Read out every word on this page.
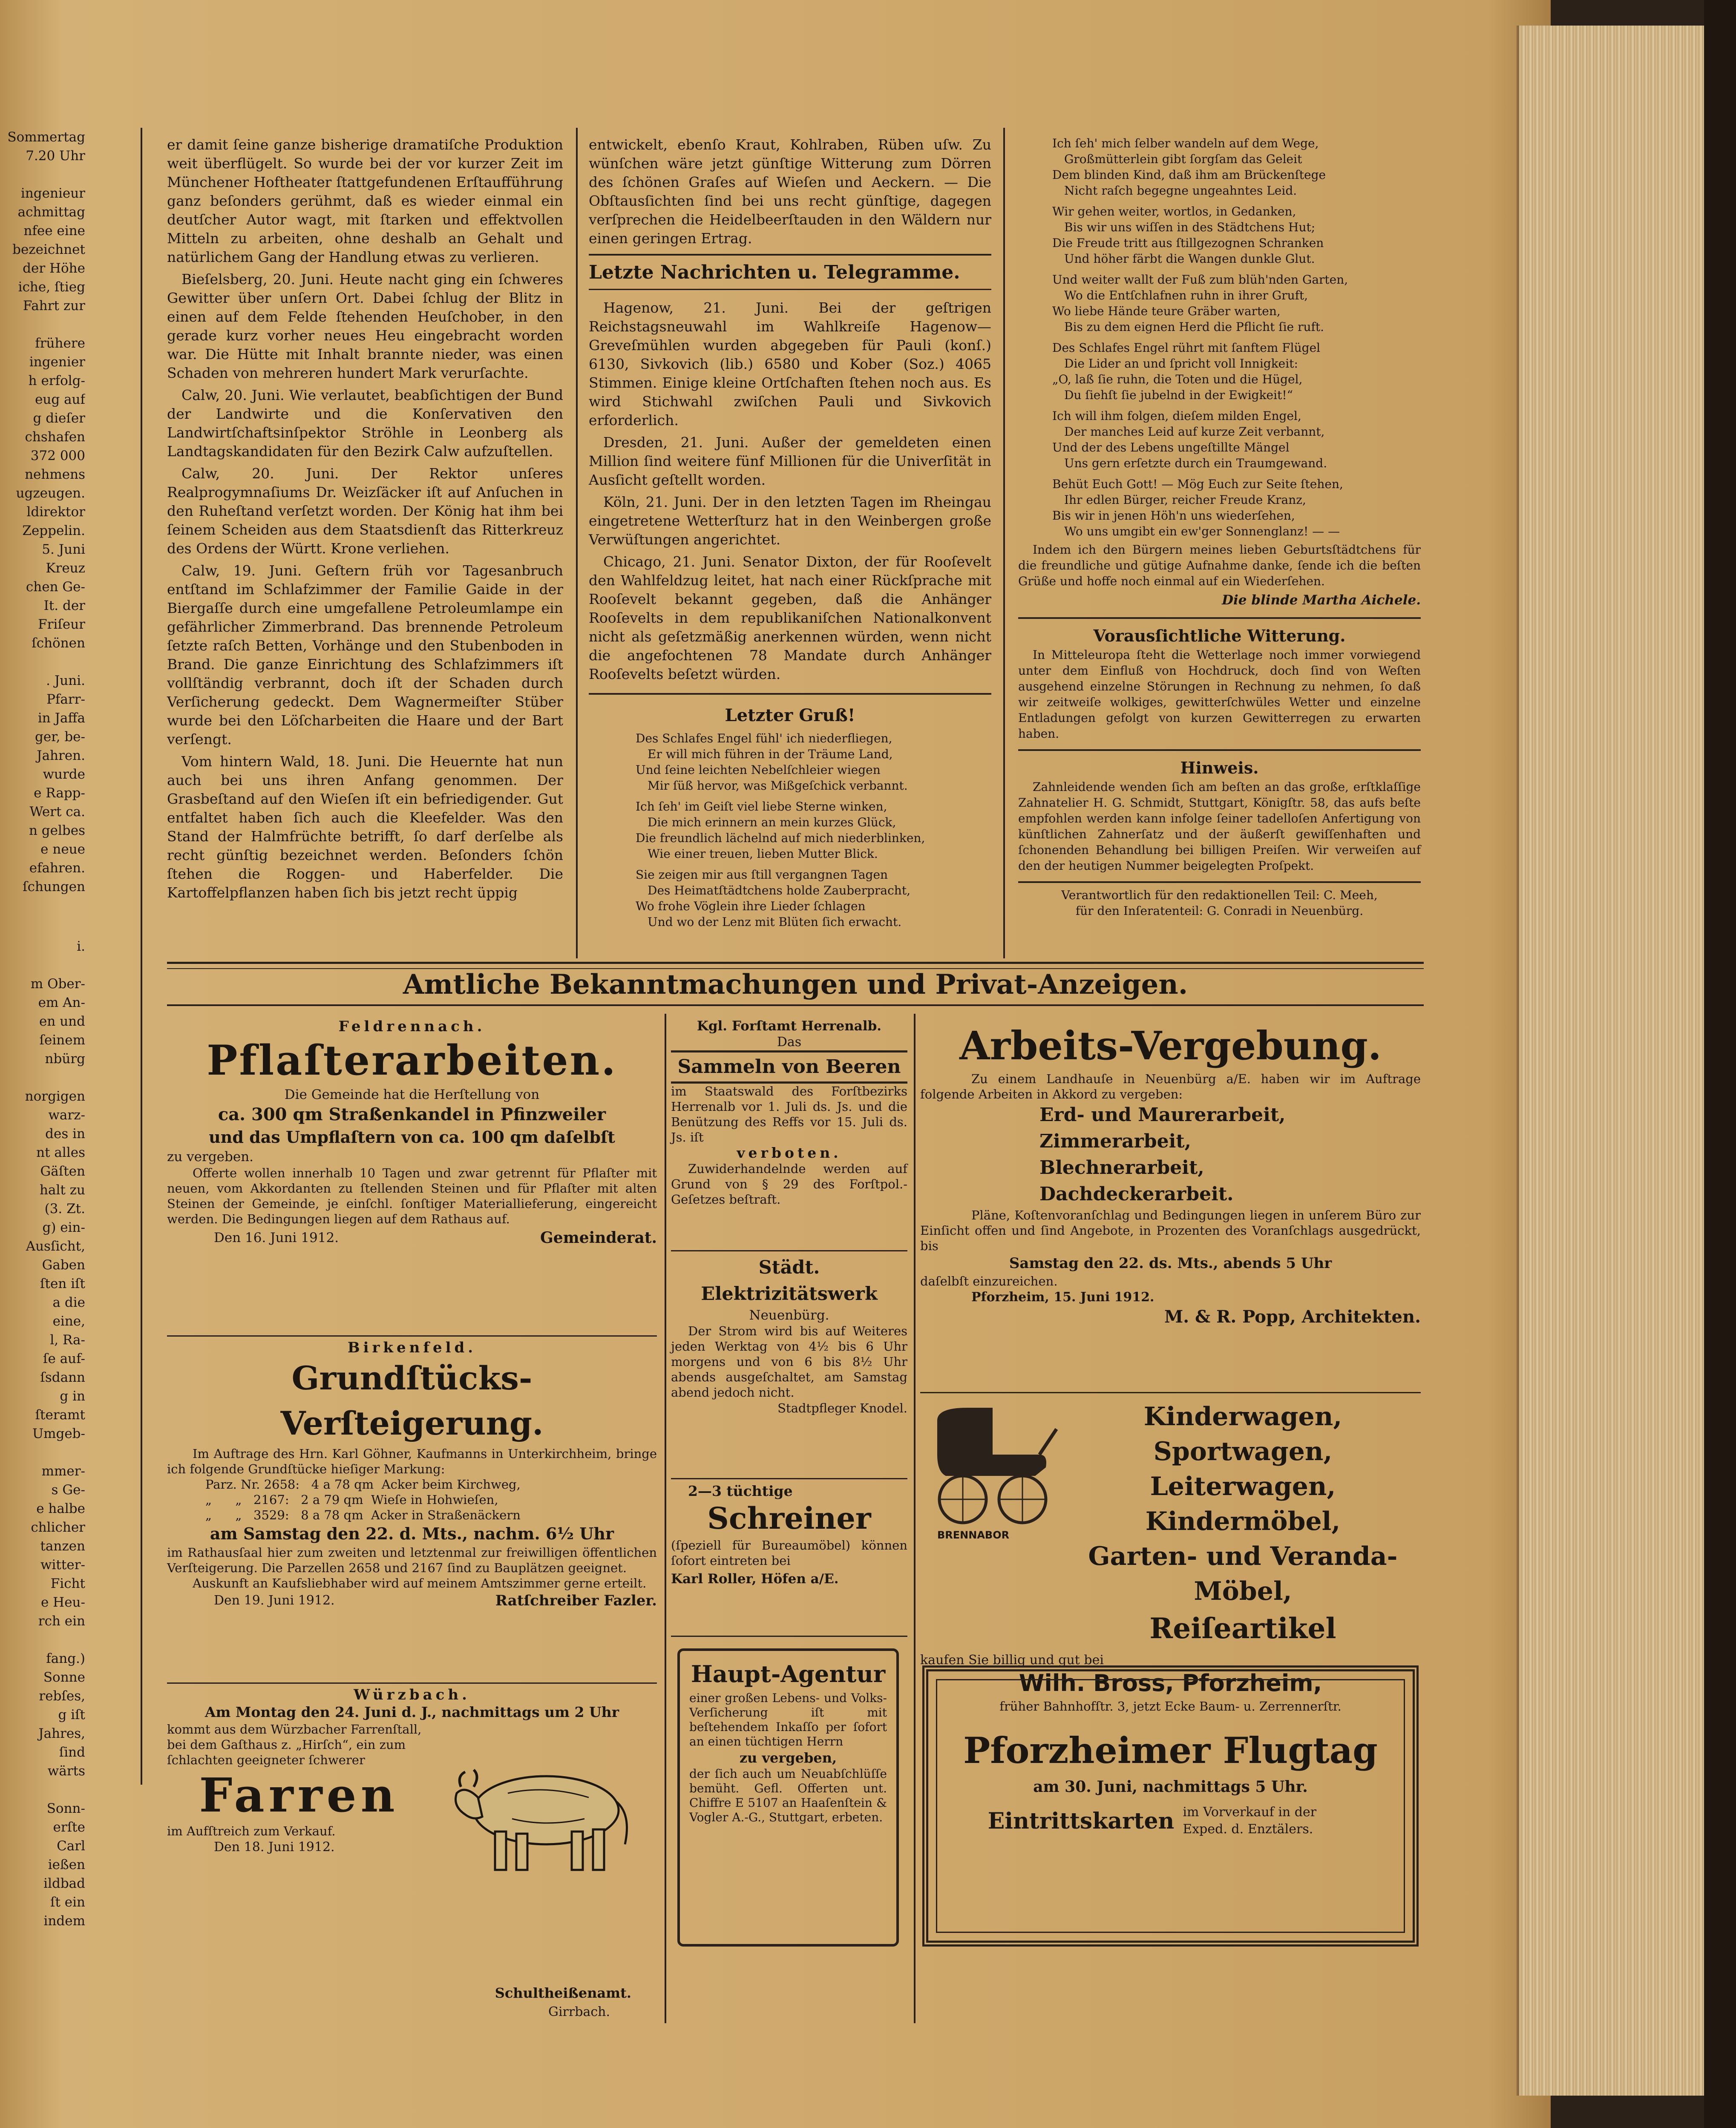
Sommertag
7.20 Uhr
ingenieur
achmittag
nfee eine
bezeichnet
der Höhe
iche, ſtieg
Fahrt zur
frühere
ingenier
h erfolg-
eug auf
g dieſer
chshafen
372 000
nehmens
ugzeugen.
ldirektor
Zeppelin.
5. Juni
Kreuz
chen Ge-
It. der
Friſeur
ſchönen
. Juni.
Pfarr-
in Jaffa
ger, be-
Jahren.
wurde
e Rapp-
Wert ca.
n gelbes
e neue
efahren.
ſchungen
i.
m Ober-
em An-
en und
ſeinem
nbürg
norgigen
warz-
des in
nt alles
Gäſten
halt zu
(3. Zt.
g) ein-
Ausſicht,
Gaben
ſten iſt
a die
eine,
l, Ra-
ſe auf-
ſsdann
g in
ſteramt
Umgeb-
mmer-
s Ge-
e halbe
chlicher
tanzen
witter-
Ficht
e Heu-
rch ein
fang.)
Sonne
rebſes,
g iſt
Jahres,
ſind
wärts
Sonn-
erſte
Carl
ießen
ildbad
ſt ein
indem

er damit ſeine ganze bisherige dramatiſche Produktion weit überflügelt. So wurde bei der vor kurzer Zeit im Münchener Hoftheater ſtattgefundenen Erſtaufführung ganz beſonders gerühmt, daß es wieder einmal ein deutſcher Autor wagt, mit ſtarken und effektvollen Mitteln zu arbeiten, ohne deshalb an Gehalt und natürlichem Gang der Handlung etwas zu verlieren.

Bieſelsberg, 20. Juni. Heute nacht ging ein ſchweres Gewitter über unſern Ort. Dabei ſchlug der Blitz in einen auf dem Felde ſtehenden Heuſchober, in den gerade kurz vorher neues Heu eingebracht worden war. Die Hütte mit Inhalt brannte nieder, was einen Schaden von mehreren hundert Mark verurſachte.

Calw, 20. Juni. Wie verlautet, beabſichtigen der Bund der Landwirte und die Konſervativen den Landwirtſchaftsinſpektor Ströhle in Leonberg als Landtagskandidaten für den Bezirk Calw aufzuſtellen.

Calw, 20. Juni. Der Rektor unſeres Realprogymnaſiums Dr. Weizſäcker iſt auf Anſuchen in den Ruheſtand verſetzt worden. Der König hat ihm bei ſeinem Scheiden aus dem Staatsdienſt das Ritterkreuz des Ordens der Württ. Krone verliehen.

Calw, 19. Juni. Geſtern früh vor Tagesanbruch entſtand im Schlafzimmer der Familie Gaide in der Biergaſſe durch eine umgefallene Petroleumlampe ein gefährlicher Zimmerbrand. Das brennende Petroleum ſetzte raſch Betten, Vorhänge und den Stubenboden in Brand. Die ganze Einrichtung des Schlafzimmers iſt vollſtändig verbrannt, doch iſt der Schaden durch Verſicherung gedeckt. Dem Wagnermeiſter Stüber wurde bei den Löſcharbeiten die Haare und der Bart verſengt.

Vom hintern Wald, 18. Juni. Die Heuernte hat nun auch bei uns ihren Anfang genommen. Der Grasbeſtand auf den Wieſen iſt ein befriedigender. Gut entfaltet haben ſich auch die Kleefelder. Was den Stand der Halmfrüchte betrifft, ſo darf derſelbe als recht günſtig bezeichnet werden. Beſonders ſchön ſtehen die Roggen- und Haberfelder. Die Kartoffelpflanzen haben ſich bis jetzt recht üppig

entwickelt, ebenſo Kraut, Kohlraben, Rüben uſw. Zu wünſchen wäre jetzt günſtige Witterung zum Dörren des ſchönen Graſes auf Wieſen und Aeckern. — Die Obſtausſichten ſind bei uns recht günſtige, dagegen verſprechen die Heidelbeerſtauden in den Wäldern nur einen geringen Ertrag.
Letzte Nachrichten u. Telegramme.

Hagenow, 21. Juni. Bei der geſtrigen Reichstagsneuwahl im Wahlkreiſe Hagenow—Greveſmühlen wurden abgegeben für Pauli (konſ.) 6130, Sivkovich (lib.) 6580 und Kober (Soz.) 4065 Stimmen. Einige kleine Ortſchaften ſtehen noch aus. Es wird Stichwahl zwiſchen Pauli und Sivkovich erforderlich.

Dresden, 21. Juni. Außer der gemeldeten einen Million ſind weitere fünf Millionen für die Univerſität in Ausſicht geſtellt worden.

Köln, 21. Juni. Der in den letzten Tagen im Rheingau eingetretene Wetterſturz hat in den Weinbergen große Verwüſtungen angerichtet.

Chicago, 21. Juni. Senator Dixton, der für Rooſevelt den Wahlfeldzug leitet, hat nach einer Rückſprache mit Rooſevelt bekannt gegeben, daß die Anhänger Rooſevelts in dem republikaniſchen Nationalkonvent nicht als geſetzmäßig anerkennen würden, wenn nicht die angefochtenen 78 Mandate durch Anhänger Rooſevelts beſetzt würden.

Letzter Gruß!
Des Schlafes Engel fühl' ich niederfliegen,
Er will mich führen in der Träume Land,
Und ſeine leichten Nebelſchleier wiegen
Mir ſüß hervor, was Mißgeſchick verbannt.
Ich ſeh' im Geiſt viel liebe Sterne winken,
Die mich erinnern an mein kurzes Glück,
Die freundlich lächelnd auf mich niederblinken,
Wie einer treuen, lieben Mutter Blick.
Sie zeigen mir aus ſtill vergangnen Tagen
Des Heimatſtädtchens holde Zauberpracht,
Wo frohe Vöglein ihre Lieder ſchlagen
Und wo der Lenz mit Blüten ſich erwacht.
Ich ſeh' mich ſelber wandeln auf dem Wege,
Großmütterlein gibt ſorgſam das Geleit
Dem blinden Kind, daß ihm am Brückenſtege
Nicht raſch begegne ungeahntes Leid.
Wir gehen weiter, wortlos, in Gedanken,
Bis wir uns wiſſen in des Städtchens Hut;
Die Freude tritt aus ſtillgezognen Schranken
Und höher färbt die Wangen dunkle Glut.
Und weiter wallt der Fuß zum blüh'nden Garten,
Wo die Entſchlafnen ruhn in ihrer Gruft,
Wo liebe Hände teure Gräber warten,
Bis zu dem eignen Herd die Pflicht ſie ruft.
Des Schlafes Engel rührt mit ſanftem Flügel
Die Lider an und ſpricht voll Innigkeit:
„O, laß ſie ruhn, die Toten und die Hügel,
Du ſiehſt ſie jubelnd in der Ewigkeit!“
Ich will ihm folgen, dieſem milden Engel,
Der manches Leid auf kurze Zeit verbannt,
Und der des Lebens ungeſtillte Mängel
Uns gern erſetzte durch ein Traumgewand.
Behüt Euch Gott! — Mög Euch zur Seite ſtehen,
Ihr edlen Bürger, reicher Freude Kranz,
Bis wir in jenen Höh'n uns wiederſehen,
Wo uns umgibt ein ew'ger Sonnenglanz! — —
Indem ich den Bürgern meines lieben Geburtsſtädtchens für die freundliche und gütige Aufnahme danke, ſende ich die beſten Grüße und hoffe noch einmal auf ein Wiederſehen.
Die blinde Martha Aichele.
Vorausſichtliche Witterung.
In Mitteleuropa ſteht die Wetterlage noch immer vorwiegend unter dem Einfluß von Hochdruck, doch ſind von Weſten ausgehend einzelne Störungen in Rechnung zu nehmen, ſo daß wir zeitweiſe wolkiges, gewitterſchwüles Wetter und einzelne Entladungen gefolgt von kurzen Gewitterregen zu erwarten haben.
Hinweis.
Zahnleidende wenden ſich am beſten an das große, erſtklaſſige Zahnatelier H. G. Schmidt, Stuttgart, Königſtr. 58, das aufs beſte empfohlen werden kann infolge ſeiner tadelloſen Anfertigung von künſtlichen Zahnerſatz und der äußerſt gewiſſenhaften und ſchonenden Behandlung bei billigen Preiſen. Wir verweiſen auf den der heutigen Nummer beigelegten Proſpekt.
Verantwortlich für den redaktionellen Teil: C. Meeh,
für den Inſeratenteil: G. Conradi in Neuenbürg.
Amtliche Bekanntmachungen und Privat-Anzeigen.
Feldrennach.
Pflaſterarbeiten.
Die Gemeinde hat die Herſtellung von
ca. 300 qm Straßenkandel in Pfinzweiler
und das Umpflaſtern von ca. 100 qm daſelbſt
zu vergeben.
Offerte wollen innerhalb 10 Tagen und zwar getrennt für Pflaſter mit neuen, vom Akkordanten zu ſtellenden Steinen und für Pflaſter mit alten Steinen der Gemeinde, je einſchl. ſonſtiger Materiallieferung, eingereicht werden. Die Bedingungen liegen auf dem Rathaus auf.
Den 16. Juni 1912.	Gemeinderat.
Birkenfeld.
Grundſtücks-Verſteigerung.
Im Auftrage des Hrn. Karl Göhner, Kaufmanns in Unterkirchheim, bringe ich folgende Grundſtücke hieſiger Markung:
Parz. Nr. 2658:   4 a 78 qm  Acker beim Kirchweg,
„      „   2167:   2 a 79 qm  Wieſe in Hohwieſen,
„      „   3529:   8 a 78 qm  Acker in Straßenäckern
am Samstag den 22. d. Mts., nachm. 6½ Uhr
im Rathausſaal hier zum zweiten und letztenmal zur freiwilligen öffentlichen Verſteigerung. Die Parzellen 2658 und 2167 ſind zu Bauplätzen geeignet.
Auskunft an Kaufsliebhaber wird auf meinem Amtszimmer gerne erteilt.
Den 19. Juni 1912.	Ratſchreiber Fazler.
Würzbach.
Am Montag den 24. Juni d. J., nachmittags um 2 Uhr
kommt aus dem Würzbacher Farrenſtall, bei dem Gaſthaus z. „Hirſch“, ein zum ſchlachten geeigneter ſchwerer
Farren
im Aufſtreich zum Verkauf.
Den 18. Juni 1912.
Schultheißenamt.
Girrbach.
Kgl. Forſtamt Herrenalb.
Das
Sammeln von Beeren
im Staatswald des Forſtbezirks Herrenalb vor 1. Juli ds. Js. und die Benützung des Reffs vor 15. Juli ds. Js. iſt
verboten.
Zuwiderhandelnde werden auf Grund von § 29 des Forſtpol.-Geſetzes beſtraft.
Städt. Elektrizitätswerk
Neuenbürg.
Der Strom wird bis auf Weiteres jeden Werktag von 4½ bis 6 Uhr morgens und von 6 bis 8½ Uhr abends ausgeſchaltet, am Samstag abend jedoch nicht.
Stadtpfleger Knodel.
2—3 tüchtige
Schreiner
(ſpeziell für Bureaumöbel) können ſofort eintreten bei
Karl Roller, Höfen a/E.
Haupt-Agentur
einer großen Lebens- und Volks-Verſicherung iſt mit beſtehendem Inkaſſo per ſofort an einen tüchtigen Herrn
zu vergeben,
der ſich auch um Neuabſchlüſſe bemüht. Gefl. Offerten unt. Chiffre E 5107 an Haaſenſtein & Vogler A.-G., Stuttgart, erbeten.
Arbeits-Vergebung.
Zu einem Landhauſe in Neuenbürg a/E. haben wir im Auftrage folgende Arbeiten in Akkord zu vergeben:
Erd- und Maurerarbeit,
Zimmerarbeit,
Blechnerarbeit,
Dachdeckerarbeit.
Pläne, Koſtenvoranſchlag und Bedingungen liegen in unſerem Büro zur Einſicht offen und ſind Angebote, in Prozenten des Voranſchlags ausgedrückt, bis
Samstag den 22. ds. Mts., abends 5 Uhr
daſelbſt einzureichen.
Pforzheim, 15. Juni 1912.
M. & R. Popp, Architekten.
BRENNABOR
Kinderwagen, Sportwagen,
Leiterwagen, Kindermöbel,
Garten- und Veranda-Möbel,
Reiſeartikel
kaufen Sie billig und gut bei
Wilh. Bross, Pforzheim,
früher Bahnhofſtr. 3, jetzt Ecke Baum- u. Zerrennerſtr.
Pforzheimer Flugtag
am 30. Juni, nachmittags 5 Uhr.
Eintrittskarten im Vorverkauf in der Exped. d. Enztälers.
